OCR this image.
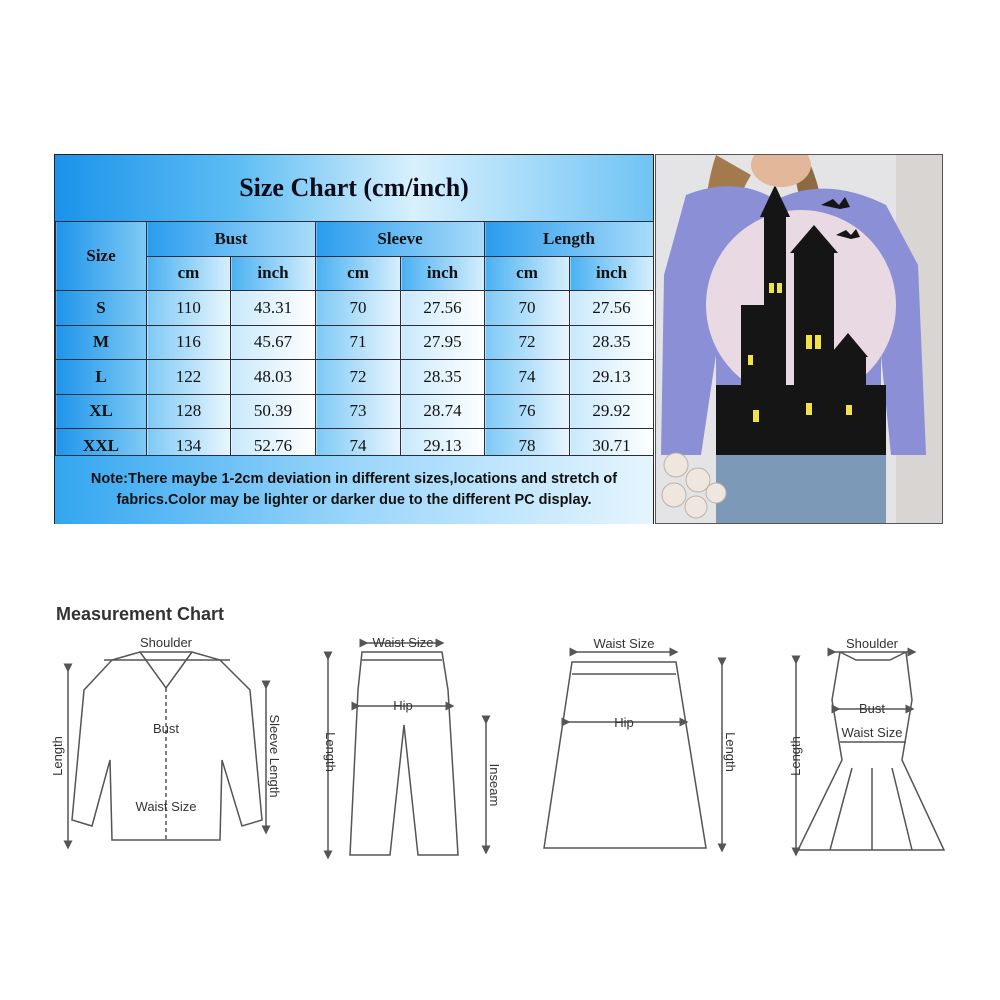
Size Chart (cm/inch)
Size	Bust		Sleeve		Length	
	cm	inch	cm	inch	cm	inch
S	110	43.31	70	27.56	70	27.56
M	116	45.67	71	27.95	72	28.35
L	122	48.03	72	28.35	74	29.13
XL	128	50.39	73	28.74	76	29.92
XXL	134	52.76	74	29.13	78	30.71
Note:There maybe 1-2cm deviation in different sizes,locations and stretch of
fabrics.Color may be lighter or darker due to the different PC display.
Measurement Chart
Shoulder
Bust
Waist Size
Length	Sleeve Length
Waist Size
Hip
Length
Inseam
Waist Size
Hip
Length
Shoulder
Bust
Waist Size
Length
